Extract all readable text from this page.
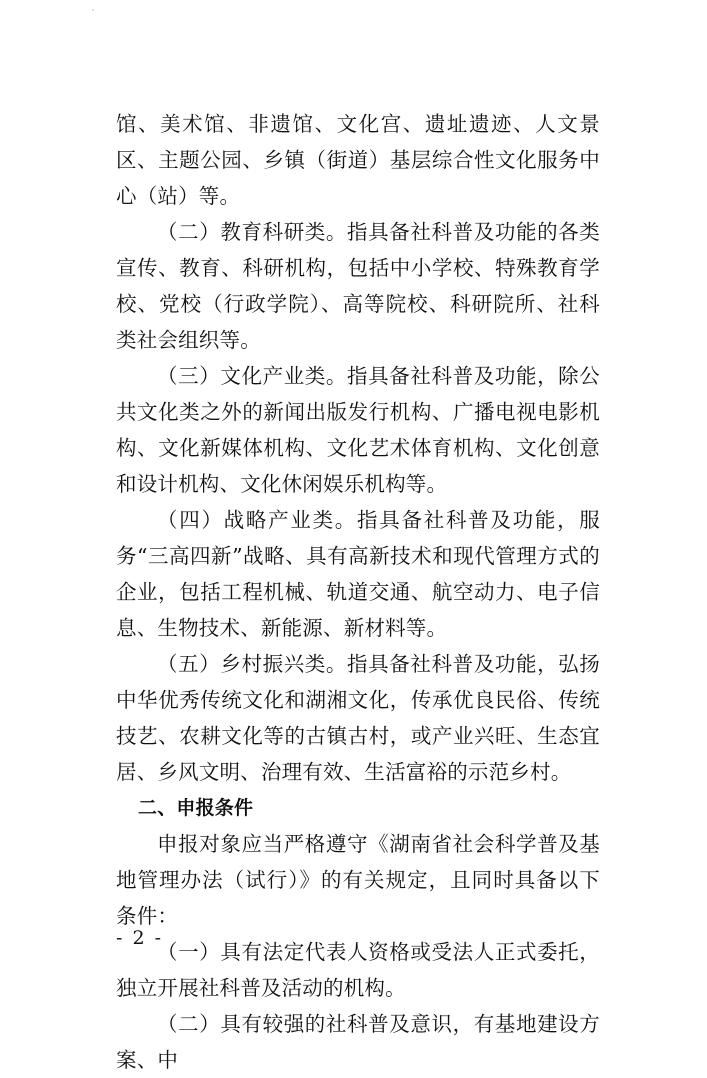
馆、美术馆、非遗馆、文化宫、遗址遗迹、人文景区、主题公园、乡镇（街道）基层综合性文化服务中心（站）等。

（二）教育科研类。指具备社科普及功能的各类宣传、教育、科研机构，包括中小学校、特殊教育学校、党校（行政学院）、高等院校、科研院所、社科类社会组织等。

（三）文化产业类。指具备社科普及功能，除公共文化类之外的新闻出版发行机构、广播电视电影机构、文化新媒体机构、文化艺术体育机构、文化创意和设计机构、文化休闲娱乐机构等。

（四）战略产业类。指具备社科普及功能，服务“三高四新”战略、具有高新技术和现代管理方式的企业，包括工程机械、轨道交通、航空动力、电子信息、生物技术、新能源、新材料等。

（五）乡村振兴类。指具备社科普及功能，弘扬中华优秀传统文化和湖湘文化，传承优良民俗、传统技艺、农耕文化等的古镇古村，或产业兴旺、生态宜居、乡风文明、治理有效、生活富裕的示范乡村。

二、申报条件

申报对象应当严格遵守《湖南省社会科学普及基地管理办法（试行）》的有关规定，且同时具备以下条件：

（一）具有法定代表人资格或受法人正式委托，独立开展社科普及活动的机构。

（二）具有较强的社科普及意识，有基地建设方案、中

- 2 -
